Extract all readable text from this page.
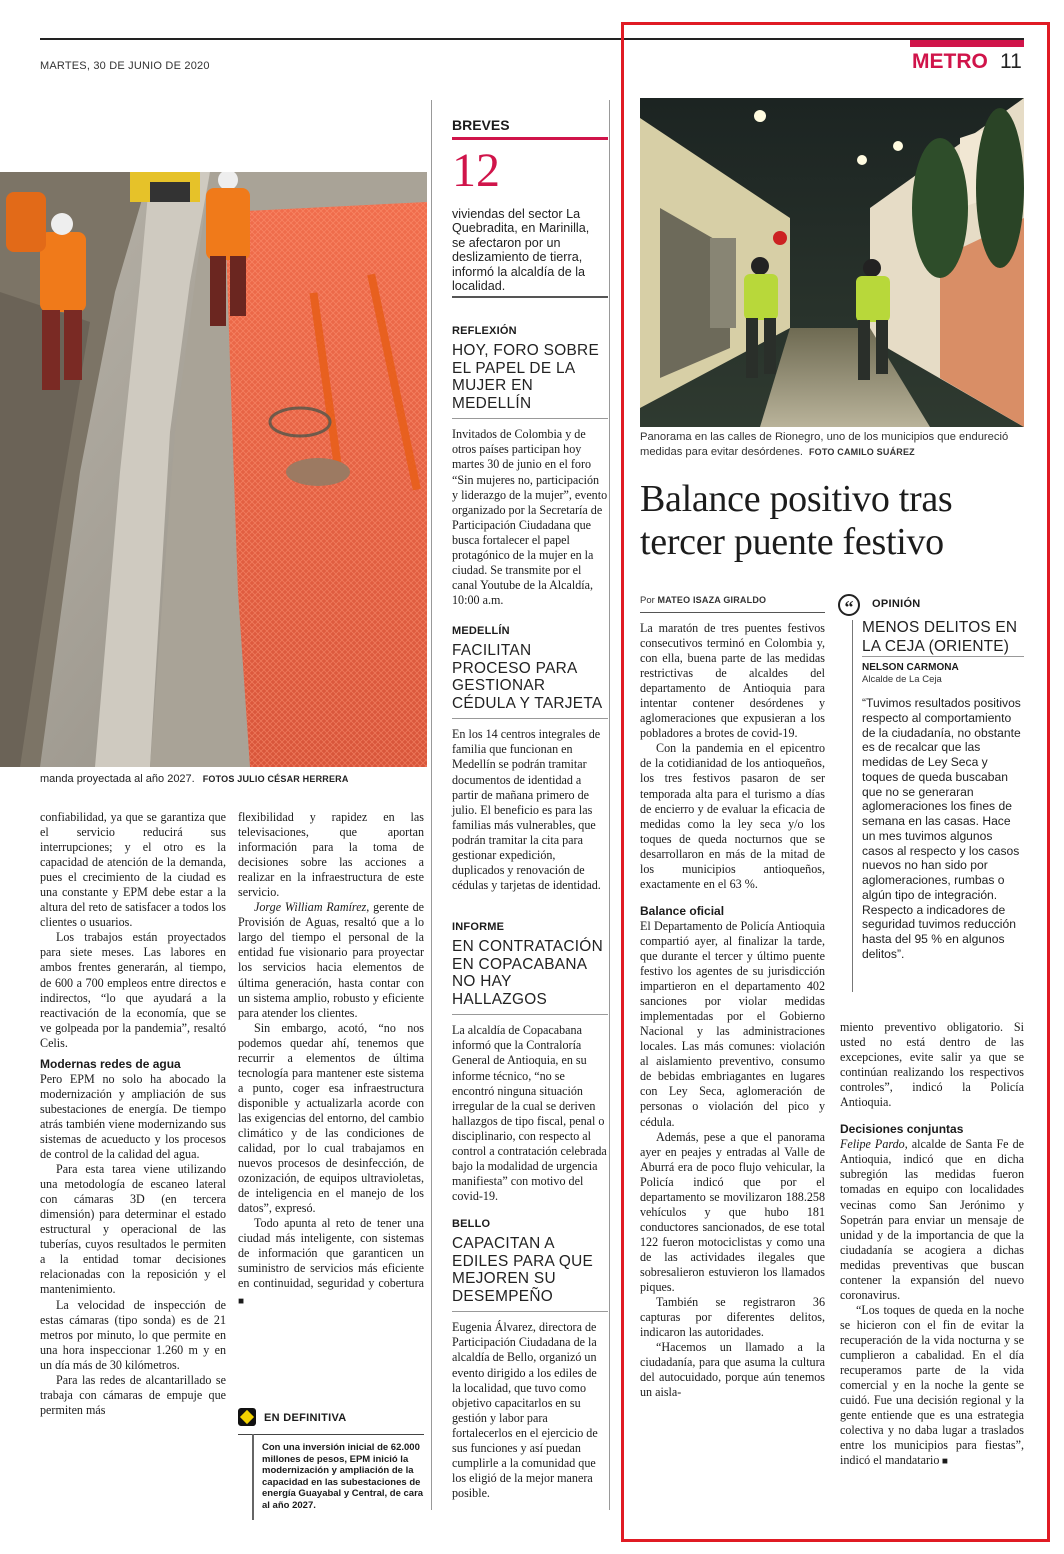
MARTES, 30 DE JUNIO DE 2020	METRO 11
manda proyectada al año 2027. FOTOS JULIO CÉSAR HERRERA

confiabilidad, ya que se garantiza que el servicio reducirá sus interrupciones; y el otro es la capacidad de atención de la demanda, pues el crecimiento de la ciudad es una constante y EPM debe estar a la altura del reto de satisfacer a todos los clientes o usuarios.

Los trabajos están proyectados para siete meses. Las labores en ambos frentes generarán, al tiempo, de 600 a 700 empleos entre directos e indirectos, “lo que ayudará a la reactivación de la economía, que se ve golpeada por la pandemia”, resaltó Celis.

Modernas redes de agua

Pero EPM no solo ha abocado la modernización y ampliación de sus subestaciones de energía. De tiempo atrás también viene modernizando sus sistemas de acueducto y los procesos de control de la calidad del agua.

Para esta tarea viene utilizando una metodología de escaneo lateral con cámaras 3D (en tercera dimensión) para determinar el estado estructural y operacional de las tuberías, cuyos resultados le permiten a la entidad tomar decisiones relacionadas con la reposición y el mantenimiento.

La velocidad de inspección de estas cámaras (tipo sonda) es de 21 metros por minuto, lo que permite en una hora inspeccionar 1.260 m y en un día más de 30 kilómetros.

Para las redes de alcantarillado se trabaja con cámaras de empuje que permiten más

flexibilidad y rapidez en las televisaciones, que aportan información para la toma de decisiones sobre las acciones a realizar en la infraestructura de este servicio.

Jorge William Ramírez, gerente de Provisión de Aguas, resaltó que a lo largo del tiempo el personal de la entidad fue visionario para proyectar los servicios hacia elementos de última generación, hasta contar con un sistema amplio, robusto y eficiente para atender los clientes.

Sin embargo, acotó, “no nos podemos quedar ahí, tenemos que recurrir a elementos de última tecnología para mantener este sistema a punto, coger esa infraestructura disponible y actualizarla acorde con las exigencias del entorno, del cambio climático y de las condiciones de calidad, por lo cual trabajamos en nuevos procesos de desinfección, de ozonización, de equipos ultravioletas, de inteligencia en el manejo de los datos”, expresó.

Todo apunta al reto de tener una ciudad más inteligente, con sistemas de información que garanticen un suministro de servicios más eficiente en continuidad, seguridad y cobertura ■

EN DEFINITIVA
Con una inversión inicial de 62.000 millones de pesos, EPM inició la modernización y ampliación de la capacidad en las subestaciones de energía Guayabal y Central, de cara al año 2027.
BREVES
12
viviendas del sector La Quebradita, en Marinilla, se afectaron por un deslizamiento de tierra, informó la alcaldía de la localidad.
REFLEXIÓN
HOY, FORO SOBRE EL PAPEL DE LA MUJER EN MEDELLÍN
Invitados de Colombia y de otros países participan hoy martes 30 de junio en el foro “Sin mujeres no, participación y liderazgo de la mujer”, evento organizado por la Secretaría de Participación Ciudadana que busca fortalecer el papel protagónico de la mujer en la ciudad. Se transmite por el canal Youtube de la Alcaldía, 10:00 a.m.
MEDELLÍN
FACILITAN PROCESO PARA GESTIONAR CÉDULA Y TARJETA
En los 14 centros integrales de familia que funcionan en Medellín se podrán tramitar documentos de identidad a partir de mañana primero de julio. El beneficio es para las familias más vulnerables, que podrán tramitar la cita para gestionar expedición, duplicados y renovación de cédulas y tarjetas de identidad.
INFORME
EN CONTRATACIÓN EN COPACABANA NO HAY HALLAZGOS
La alcaldía de Copacabana informó que la Contraloría General de Antioquia, en su informe técnico, “no se encontró ninguna situación irregular de la cual se deriven hallazgos de tipo fiscal, penal o disciplinario, con respecto al control a contratación celebrada bajo la modalidad de urgencia manifiesta” con motivo del covid-19.
BELLO
CAPACITAN A EDILES PARA QUE MEJOREN SU DESEMPEÑO
Eugenia Álvarez, directora de Participación Ciudadana de la alcaldía de Bello, organizó un evento dirigido a los ediles de la localidad, que tuvo como objetivo capacitarlos en su gestión y labor para fortalecerlos en el ejercicio de sus funciones y así puedan cumplirle a la comunidad que los eligió de la mejor manera posible.
Panorama en las calles de Rionegro, uno de los municipios que endureció medidas para evitar desórdenes. FOTO CAMILO SUÁREZ
Balance positivo tras tercer puente festivo
Por MATEO ISAZA GIRALDO

La maratón de tres puentes festivos consecutivos terminó en Colombia y, con ella, buena parte de las medidas restrictivas de alcaldes del departamento de Antioquia para intentar contener desórdenes y aglomeraciones que expusieran a los pobladores a brotes de covid-19.

Con la pandemia en el epicentro de la cotidianidad de los antioqueños, los tres festivos pasaron de ser temporada alta para el turismo a días de encierro y de evaluar la eficacia de medidas como la ley seca y/o los toques de queda nocturnos que se desarrollaron en más de la mitad de los municipios antioqueños, exactamente en el 63 %.

Balance oficial

El Departamento de Policía Antioquia compartió ayer, al finalizar la tarde, que durante el tercer y último puente festivo los agentes de su jurisdicción impartieron en el departamento 402 sanciones por violar medidas implementadas por el Gobierno Nacional y las administraciones locales. Las más comunes: violación al aislamiento preventivo, consumo de bebidas embriagantes en lugares con Ley Seca, aglomeración de personas o violación del pico y cédula.

Además, pese a que el panorama ayer en peajes y entradas al Valle de Aburrá era de poco flujo vehicular, la Policía indicó que por el departamento se movilizaron 188.258 vehículos y que hubo 181 conductores sancionados, de ese total 122 fueron motociclistas y como una de las actividades ilegales que sobresalieron estuvieron los llamados piques.

También se registraron 36 capturas por diferentes delitos, indicaron las autoridades.

“Hacemos un llamado a la ciudadanía, para que asuma la cultura del autocuidado, porque aún tenemos un aisla-

miento preventivo obligatorio. Si usted no está dentro de las excepciones, evite salir ya que se continúan realizando los respectivos controles”, indicó la Policía Antioquia.

Decisiones conjuntas

Felipe Pardo, alcalde de Santa Fe de Antioquia, indicó que en dicha subregión las medidas fueron tomadas en equipo con localidades vecinas como San Jerónimo y Sopetrán para enviar un mensaje de unidad y de la importancia de que la ciudadanía se acogiera a dichas medidas preventivas que buscan contener la expansión del nuevo coronavirus.

“Los toques de queda en la noche se hicieron con el fin de evitar la recuperación de la vida nocturna y se cumplieron a cabalidad. En el día recuperamos parte de la vida comercial y en la noche la gente se cuidó. Fue una decisión regional y la gente entiende que es una estrategia colectiva y no daba lugar a traslados entre los municipios para fiestas”, indicó el mandatario ■

“	OPINIÓN
MENOS DELITOS EN LA CEJA (ORIENTE)
NELSON CARMONA
Alcalde de La Ceja
“Tuvimos resultados positivos respecto al comportamiento de la ciudadanía, no obstante es de recalcar que las medidas de Ley Seca y toques de queda buscaban que no se generaran aglomeraciones los fines de semana en las casas. Hace un mes tuvimos algunos casos al respecto y los casos nuevos no han sido por aglomeraciones, rumbas o algún tipo de integración. Respecto a indicadores de seguridad tuvimos reducción hasta del 95 % en algunos delitos”.
